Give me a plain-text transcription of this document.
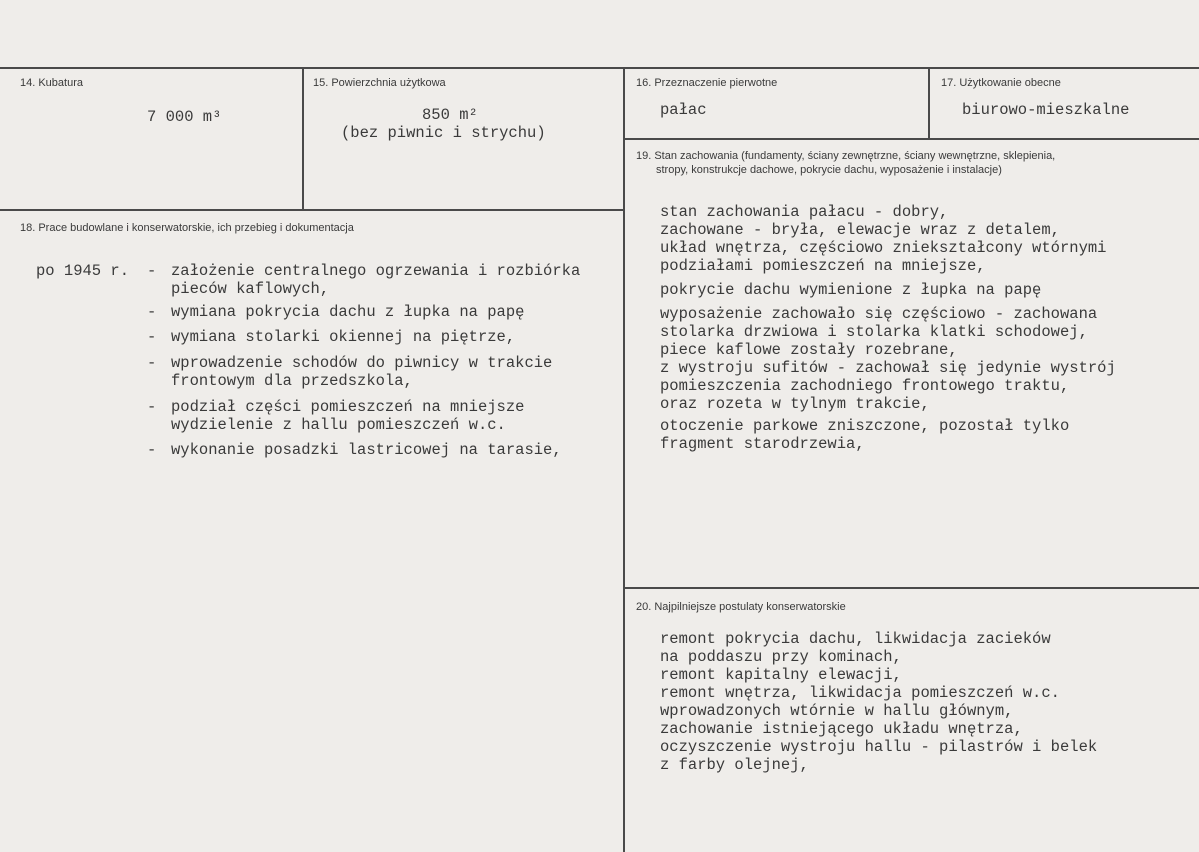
14. Kubatura
7 000 m³
15. Powierzchnia użytkowa
850 m²
(bez piwnic i strychu)
16. Przeznaczenie pierwotne
pałac
17. Użytkowanie obecne
biurowo-mieszkalne
18. Prace budowlane i konserwatorskie, ich przebieg i dokumentacja
po 1945 r. - założenie centralnego ogrzewania i rozbiórka
pieców kaflowych,
- wymiana pokrycia dachu z łupka na papę
- wymiana stolarki okiennej na piętrze,
- wprowadzenie schodów do piwnicy w trakcie
frontowym dla przedszkola,
- podział części pomieszczeń na mniejsze
wydzielenie z hallu pomieszczeń w.c.
- wykonanie posadzki lastricowej na tarasie,
19. Stan zachowania (fundamenty, ściany zewnętrzne, ściany wewnętrzne, sklepienia,
stropy, konstrukcje dachowe, pokrycie dachu, wyposażenie i instalacje)
stan zachowania pałacu - dobry,
zachowane - bryła, elewacje wraz z detalem,
układ wnętrza, częściowo zniekształcony wtórnymi
podziałami pomieszczeń na mniejsze,
pokrycie dachu wymienione z łupka na papę
wyposażenie zachowało się częściowo - zachowana
stolarka drzwiowa i stolarka klatki schodowej,
piece kaflowe zostały rozebrane,
z wystroju sufitów - zachował się jedynie wystrój
pomieszczenia zachodniego frontowego traktu,
oraz rozeta w tylnym trakcie,
otoczenie parkowe zniszczone, pozostał tylko
fragment starodrzewia,
20. Najpilniejsze postulaty konserwatorskie
remont pokrycia dachu, likwidacja zacieków
na poddaszu przy kominach,
remont kapitalny elewacji,
remont wnętrza, likwidacja pomieszczeń w.c.
wprowadzonych wtórnie w hallu głównym,
zachowanie istniejącego układu wnętrza,
oczyszczenie wystroju hallu - pilastrów i belek
z farby olejnej,
